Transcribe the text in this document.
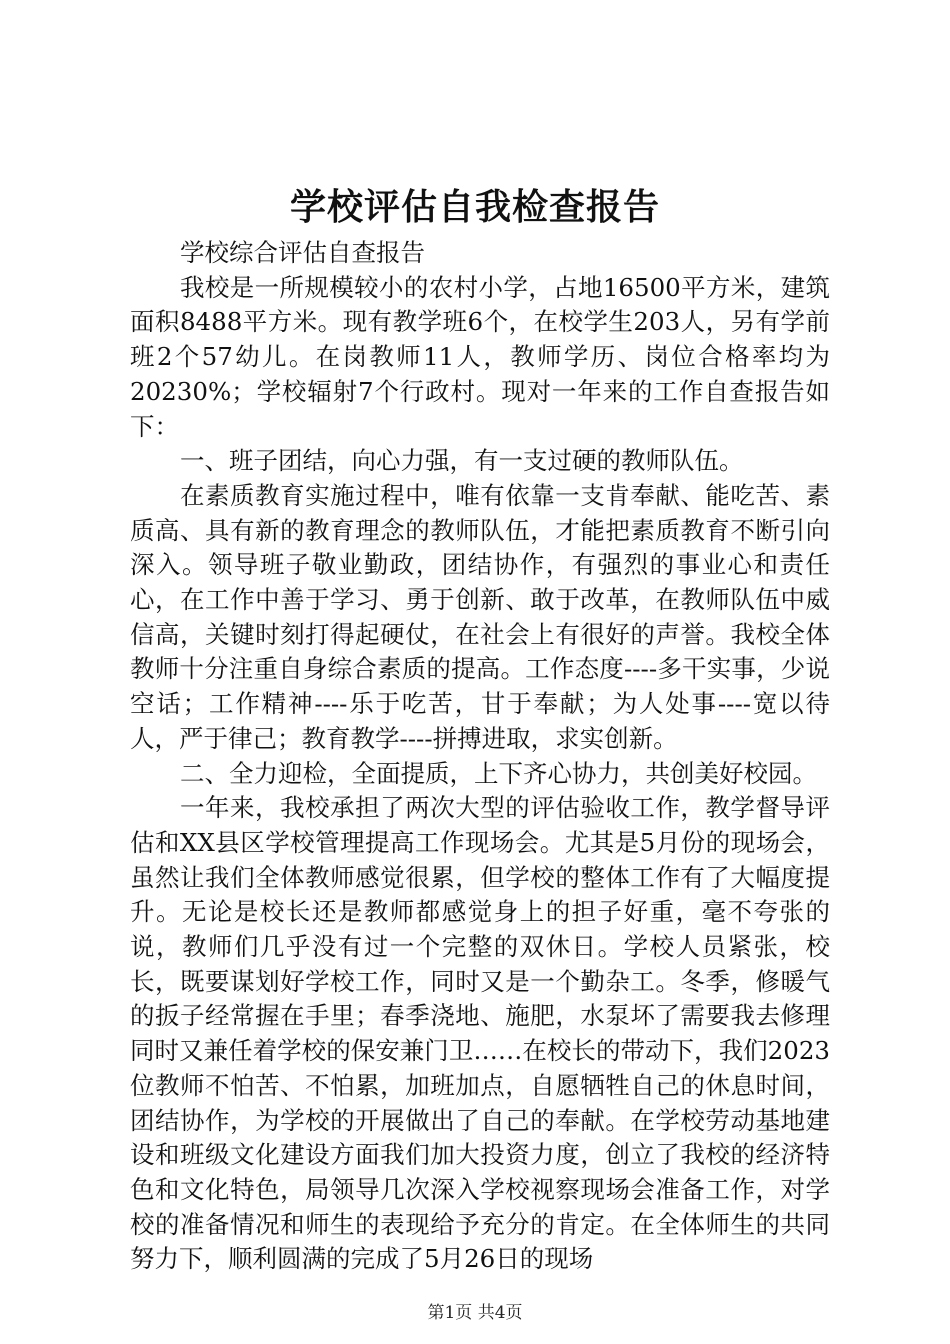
学校评估自我检查报告

学校综合评估自查报告

我校是一所规模较小的农村小学，占地16500平方米，建筑面积8488平方米。现有教学班6个，在校学生203人，另有学前班2个57幼儿。在岗教师11人，教师学历、岗位合格率均为20230%；学校辐射7个行政村。现对一年来的工作自查报告如下：

一、班子团结，向心力强，有一支过硬的教师队伍。

在素质教育实施过程中，唯有依靠一支肯奉献、能吃苦、素质高、具有新的教育理念的教师队伍，才能把素质教育不断引向深入。领导班子敬业勤政，团结协作，有强烈的事业心和责任心，在工作中善于学习、勇于创新、敢于改革，在教师队伍中威信高，关键时刻打得起硬仗，在社会上有很好的声誉。我校全体教师十分注重自身综合素质的提高。工作态度----多干实事，少说空话；工作精神----乐于吃苦，甘于奉献；为人处事----宽以待人，严于律己；教育教学----拼搏进取，求实创新。

二、全力迎检，全面提质，上下齐心协力，共创美好校园。

一年来，我校承担了两次大型的评估验收工作，教学督导评估和XX县区学校管理提高工作现场会。尤其是5月份的现场会，虽然让我们全体教师感觉很累，但学校的整体工作有了大幅度提升。无论是校长还是教师都感觉身上的担子好重，毫不夸张的说，教师们几乎没有过一个完整的双休日。学校人员紧张，校长，既要谋划好学校工作，同时又是一个勤杂工。冬季，修暖气的扳子经常握在手里；春季浇地、施肥，水泵坏了需要我去修理同时又兼任着学校的保安兼门卫……在校长的带动下，我们2023位教师不怕苦、不怕累，加班加点，自愿牺牲自己的休息时间，团结协作，为学校的开展做出了自己的奉献。在学校劳动基地建设和班级文化建设方面我们加大投资力度，创立了我校的经济特色和文化特色，局领导几次深入学校视察现场会准备工作，对学校的准备情况和师生的表现给予充分的肯定。在全体师生的共同努力下，顺利圆满的完成了5月26日的现场

第1页 共4页
